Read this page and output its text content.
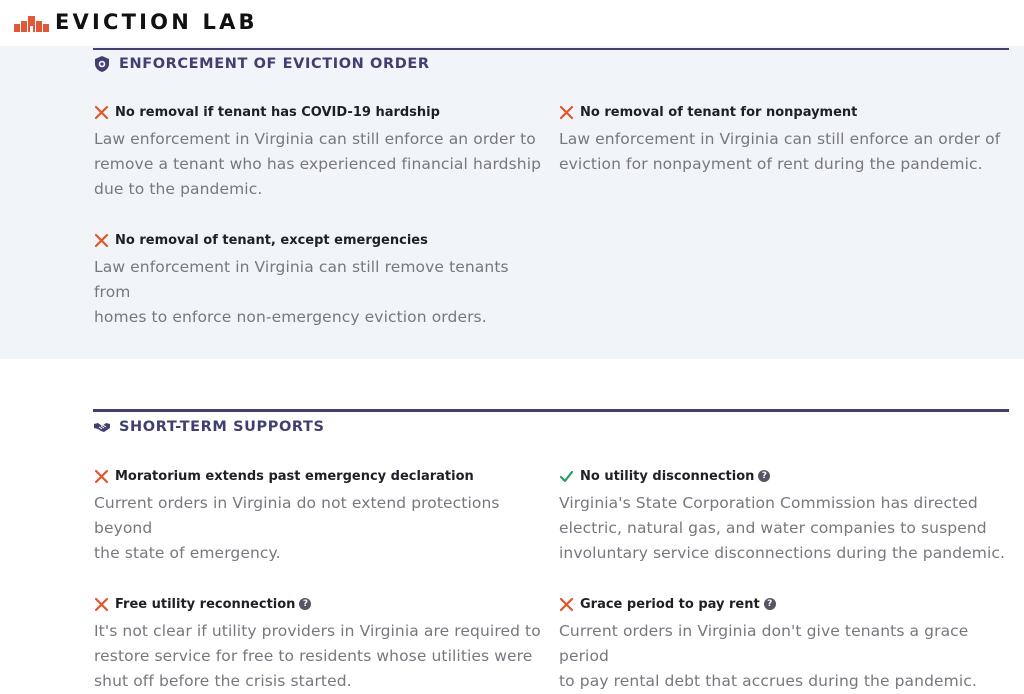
EVICTION LAB
ENFORCEMENT OF EVICTION ORDER
No removal if tenant has COVID-19 hardship
Law enforcement in Virginia can still enforce an order to
remove a tenant who has experienced financial hardship
due to the pandemic.
No removal of tenant for nonpayment
Law enforcement in Virginia can still enforce an order of
eviction for nonpayment of rent during the pandemic.
No removal of tenant, except emergencies
Law enforcement in Virginia can still remove tenants from
homes to enforce non-emergency eviction orders.
SHORT-TERM SUPPORTS
Moratorium extends past emergency declaration
Current orders in Virginia do not extend protections beyond
the state of emergency.
No utility disconnection ?
Virginia's State Corporation Commission has directed
electric, natural gas, and water companies to suspend
involuntary service disconnections during the pandemic.
Free utility reconnection ?
It's not clear if utility providers in Virginia are required to
restore service for free to residents whose utilities were
shut off before the crisis started.
Grace period to pay rent ?
Current orders in Virginia don't give tenants a grace period
to pay rental debt that accrues during the pandemic.
